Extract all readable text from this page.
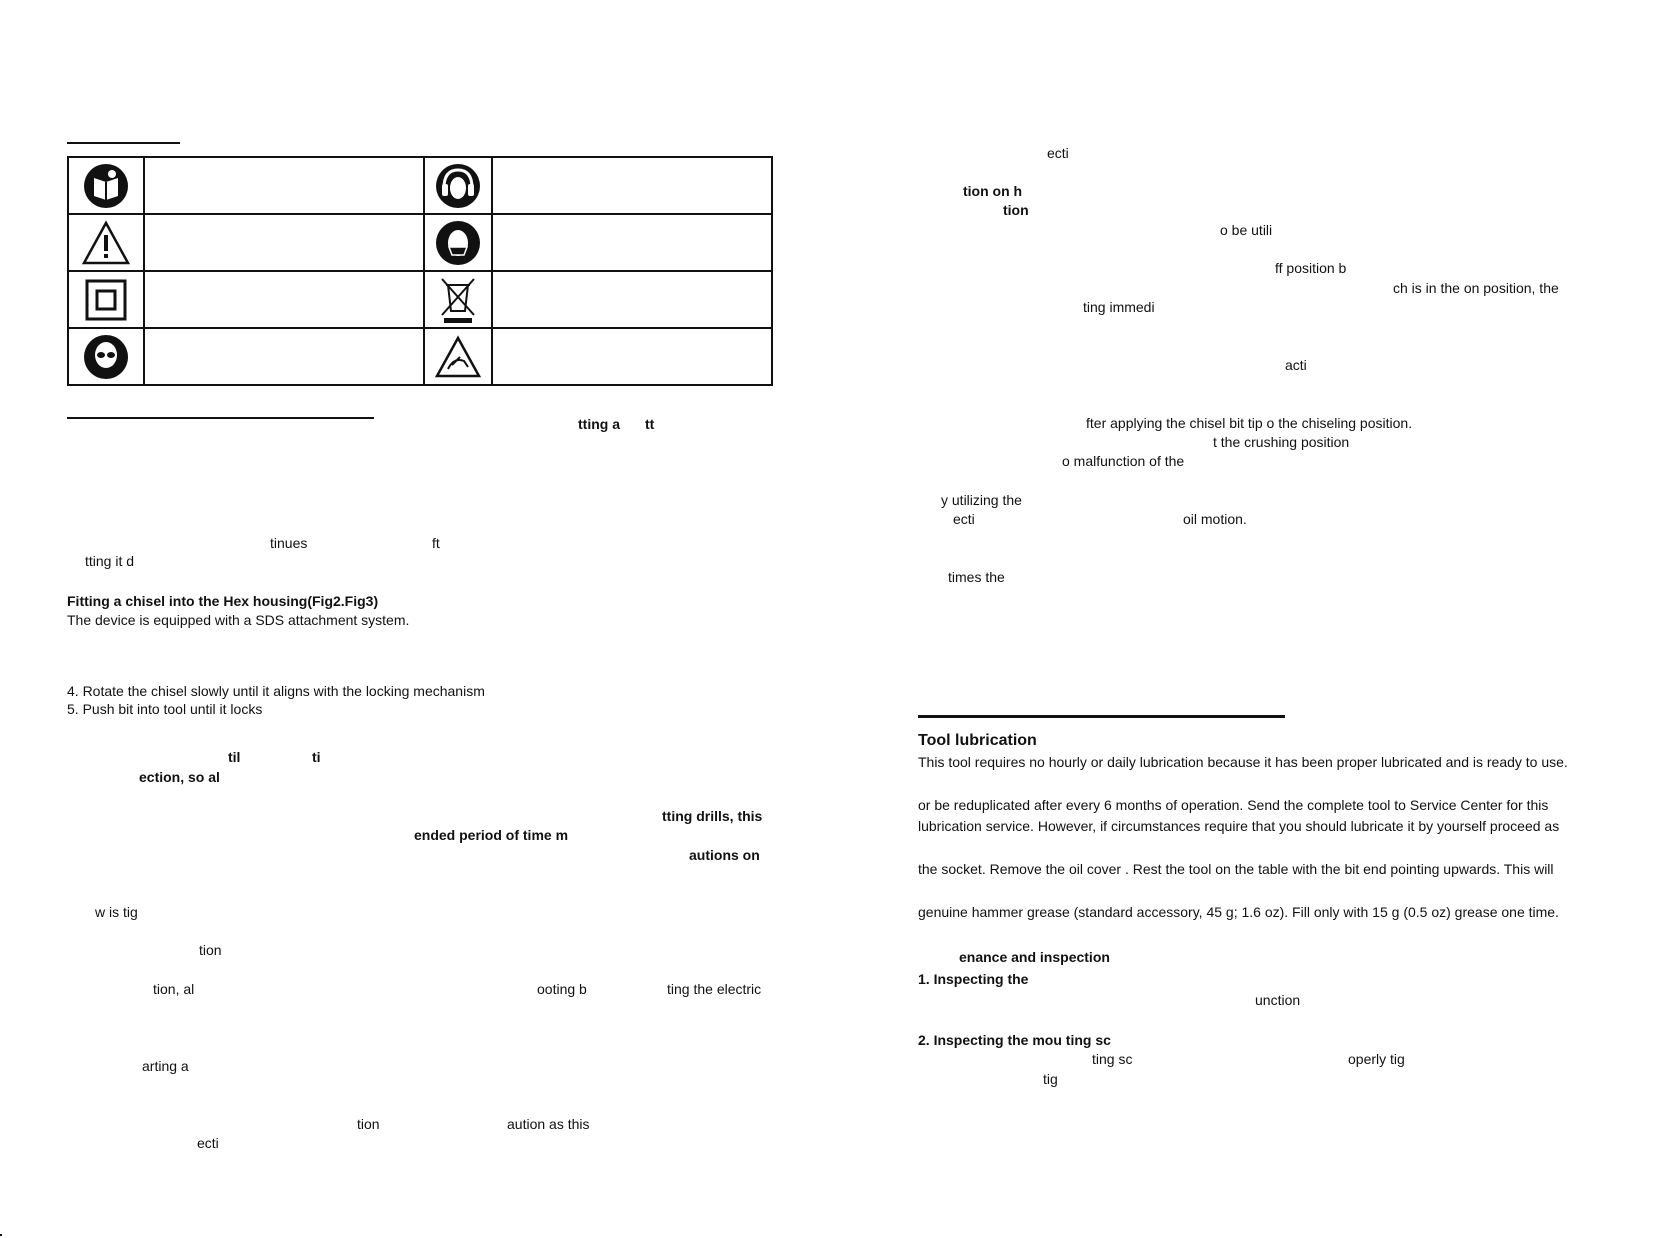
tting a tt
tinues	ft
tting it d
til	ti
ection, so al
tting drills, this
ended period of time m
autions on
w is tig
tion
tion, al	ooting b	ting the electric
arting a
tion	aution as this
ecti
Fitting a chisel into the Hex housing(Fig2.Fig3)
The device is equipped with a SDS attachment system.
4. Rotate the chisel slowly until it aligns with the locking mechanism
5. Push bit into tool until it locks
ecti
tion on h
tion
o be utili
ff position b
ch is in the on position, the
ting immedi
acti
fter applying the chisel bit tip o the chiseling position.
t the crushing position
o malfunction of the
y utilizing the
ecti	oil motion.
times the
Tool lubrication
This tool requires no hourly or daily lubrication because it has been proper lubricated and is ready to use.
or be reduplicated after every 6 months of operation. Send the complete tool to Service Center for this
lubrication service. However, if circumstances require that you should lubricate it by yourself proceed as
the socket. Remove the oil cover . Rest the tool on the table with the bit end pointing upwards. This will
genuine hammer grease (standard accessory, 45 g; 1.6 oz). Fill only with 15 g (0.5 oz) grease one time.
enance and inspection
1. Inspecting the
unction
2. Inspecting the mou ting sc
ting sc	operly tig
tig
